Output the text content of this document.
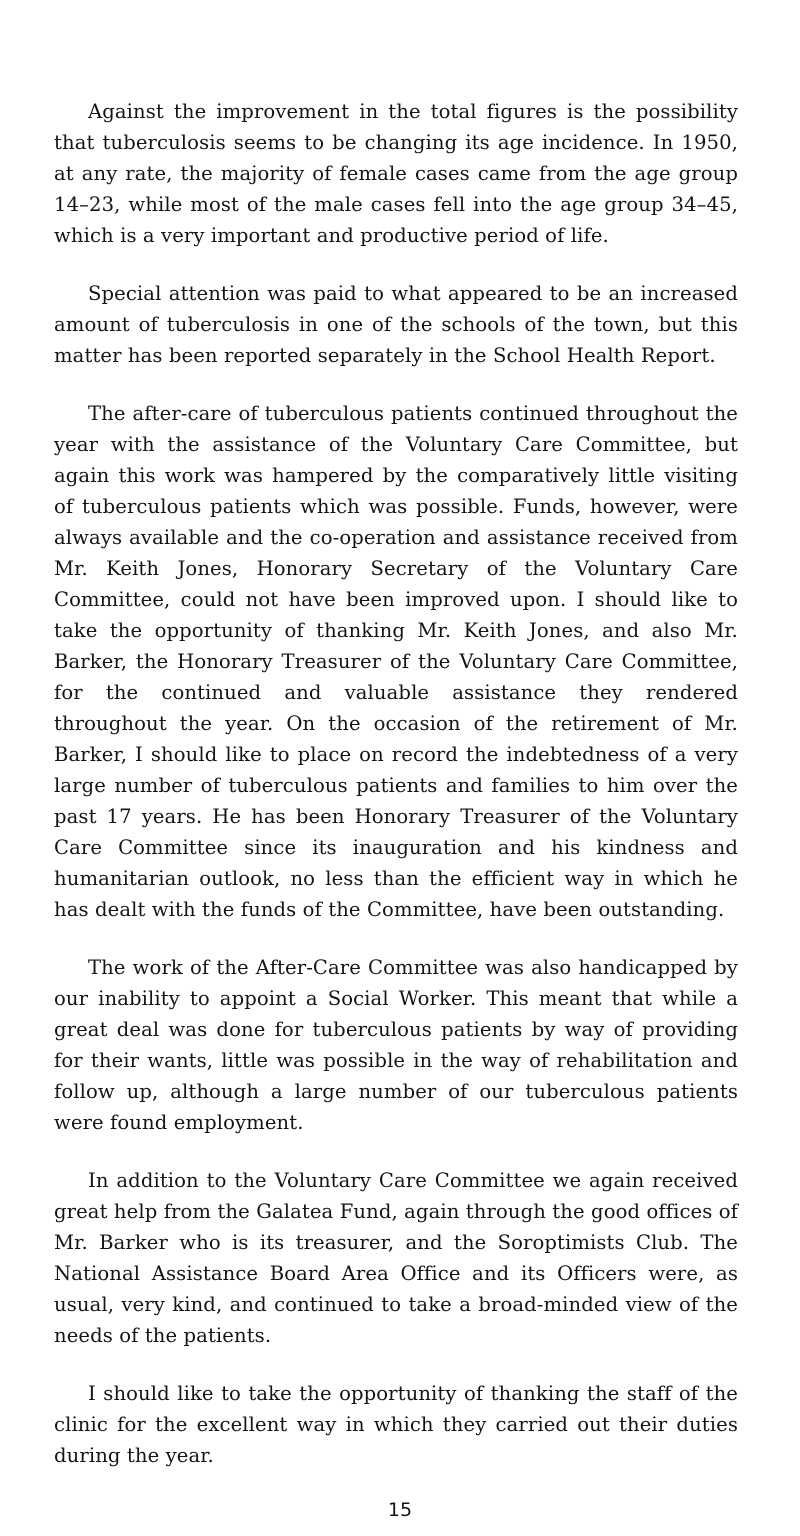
Against the improvement in the total figures is the possibility that tuberculosis seems to be changing its age incidence. In 1950, at any rate, the majority of female cases came from the age group 14–23, while most of the male cases fell into the age group 34–45, which is a very important and productive period of life.

Special attention was paid to what appeared to be an increased amount of tuberculosis in one of the schools of the town, but this matter has been reported separately in the School Health Report.

The after-care of tuberculous patients continued throughout the year with the assistance of the Voluntary Care Committee, but again this work was hampered by the comparatively little visiting of tuberculous patients which was possible. Funds, however, were always available and the co-operation and assistance received from Mr. Keith Jones, Honorary Secretary of the Voluntary Care Committee, could not have been improved upon. I should like to take the opportunity of thanking Mr. Keith Jones, and also Mr. Barker, the Honorary Treasurer of the Voluntary Care Committee, for the continued and valuable assistance they rendered throughout the year. On the occasion of the retirement of Mr. Barker, I should like to place on record the indebtedness of a very large number of tuberculous patients and families to him over the past 17 years. He has been Honorary Treasurer of the Voluntary Care Committee since its inauguration and his kindness and humanitarian outlook, no less than the efficient way in which he has dealt with the funds of the Committee, have been outstanding.

The work of the After-Care Committee was also handicapped by our inability to appoint a Social Worker. This meant that while a great deal was done for tuberculous patients by way of providing for their wants, little was possible in the way of rehabilitation and follow up, although a large number of our tuberculous patients were found employment.

In addition to the Voluntary Care Committee we again received great help from the Galatea Fund, again through the good offices of Mr. Barker who is its treasurer, and the Soroptimists Club. The National Assistance Board Area Office and its Officers were, as usual, very kind, and continued to take a broad-minded view of the needs of the patients.

I should like to take the opportunity of thanking the staff of the clinic for the excellent way in which they carried out their duties during the year.

15
